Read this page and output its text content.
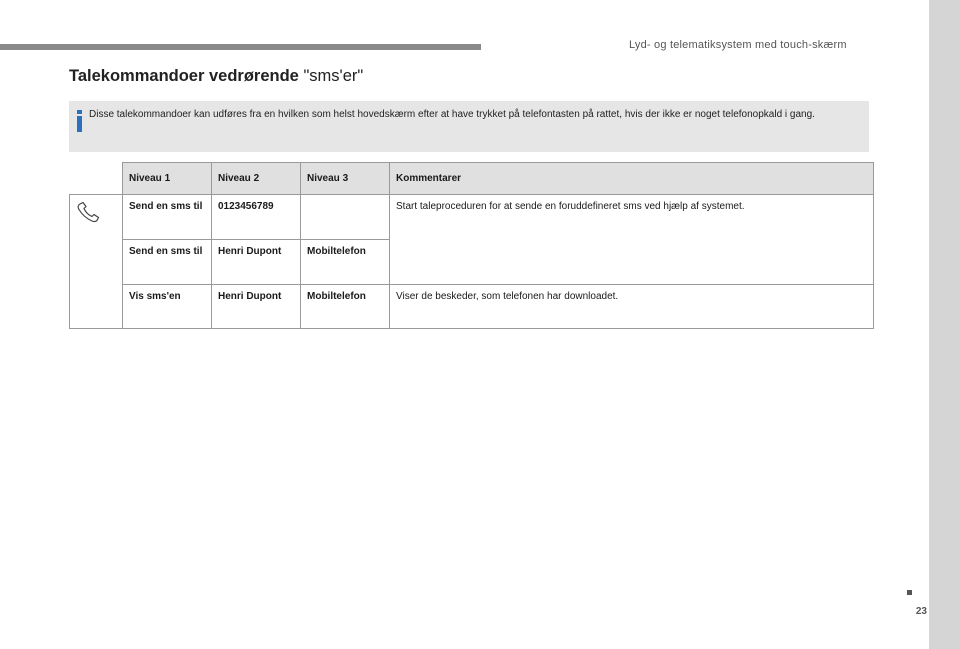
Lyd- og telematiksystem med touch-skærm
23
Talekommandoer vedrørende "sms'er"
Disse talekommandoer kan udføres fra en hvilken som helst hovedskærm efter at have trykket på telefontasten på rattet, hvis der ikke er noget telefonopkald i gang.
	Niveau 1	Niveau 2	Niveau 3	Kommentarer
	Send en sms til	0123456789		Start taleproceduren for at sende en foruddefineret sms ved hjælp af systemet.
	Send en sms til	Henri Dupont	Mobiltelefon	
	Vis sms'en	Henri Dupont	Mobiltelefon	Viser de beskeder, som telefonen har downloadet.
